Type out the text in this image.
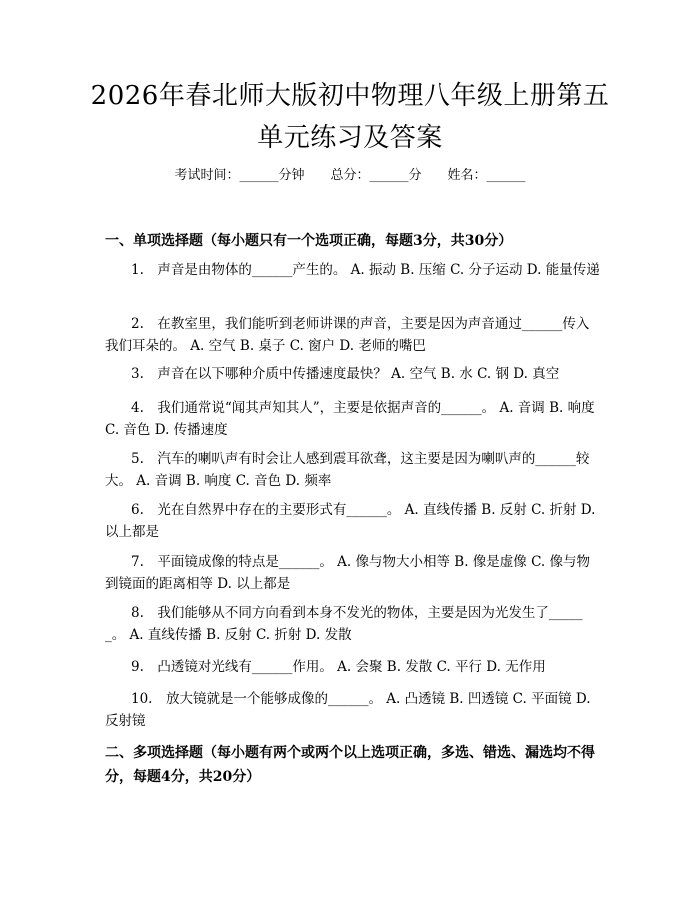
2026年春北师大版初中物理八年级上册第五
单元练习及答案
考试时间：______分钟 总分：______分 姓名：______
一、单项选择题（每小题只有一个选项正确，每题3分，共30分）
1.　声音是由物体的______产生的。 A. 振动 B. 压缩 C. 分子运动 D. 能量传递
2.　在教室里，我们能听到老师讲课的声音，主要是因为声音通过______传入我们耳朵的。 A. 空气 B. 桌子 C. 窗户 D. 老师的嘴巴
3.　声音在以下哪种介质中传播速度最快？ A. 空气 B. 水 C. 钢 D. 真空
4.　我们通常说“闻其声知其人”，主要是依据声音的______。 A. 音调 B. 响度 C. 音色 D. 传播速度
5.　汽车的喇叭声有时会让人感到震耳欲聋，这主要是因为喇叭声的______较大。 A. 音调 B. 响度 C. 音色 D. 频率
6.　光在自然界中存在的主要形式有______。 A. 直线传播 B. 反射 C. 折射 D. 以上都是
7.　平面镜成像的特点是______。 A. 像与物大小相等 B. 像是虚像 C. 像与物到镜面的距离相等 D. 以上都是
8.　我们能够从不同方向看到本身不发光的物体，主要是因为光发生了______。 A. 直线传播 B. 反射 C. 折射 D. 发散
9.　凸透镜对光线有______作用。 A. 会聚 B. 发散 C. 平行 D. 无作用
10.　放大镜就是一个能够成像的______。 A. 凸透镜 B. 凹透镜 C. 平面镜 D. 反射镜
二、多项选择题（每小题有两个或两个以上选项正确，多选、错选、漏选均不得分，每题4分，共20分）
